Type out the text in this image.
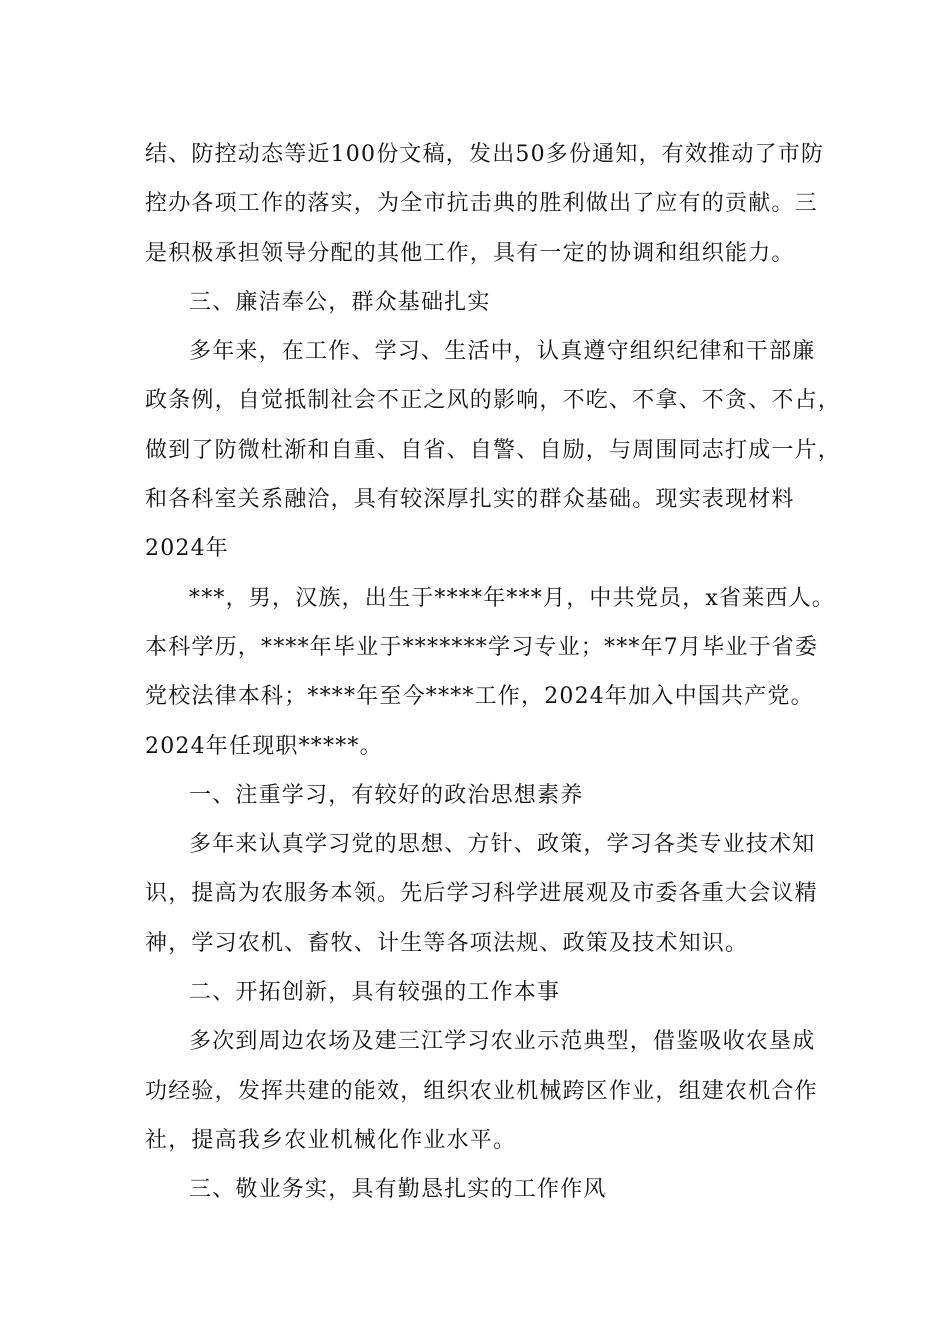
结、防控动态等近100份文稿，发出50多份通知，有效推动了市防
控办各项工作的落实，为全市抗击典的胜利做出了应有的贡献。三
是积极承担领导分配的其他工作，具有一定的协调和组织能力。
三、廉洁奉公，群众基础扎实
多年来，在工作、学习、生活中，认真遵守组织纪律和干部廉
政条例，自觉抵制社会不正之风的影响，不吃、不拿、不贪、不占，
做到了防微杜渐和自重、自省、自警、自励，与周围同志打成一片，
和各科室关系融洽，具有较深厚扎实的群众基础。现实表现材料
2024年
***，男，汉族，出生于****年***月，中共党员，x省莱西人。
本科学历，****年毕业于*******学习专业；***年7月毕业于省委
党校法律本科；****年至今****工作，2024年加入中国共产党。
2024年任现职*****。
一、注重学习，有较好的政治思想素养
多年来认真学习党的思想、方针、政策，学习各类专业技术知
识，提高为农服务本领。先后学习科学进展观及市委各重大会议精
神，学习农机、畜牧、计生等各项法规、政策及技术知识。
二、开拓创新，具有较强的工作本事
多次到周边农场及建三江学习农业示范典型，借鉴吸收农垦成
功经验，发挥共建的能效，组织农业机械跨区作业，组建农机合作
社，提高我乡农业机械化作业水平。
三、敬业务实，具有勤恳扎实的工作作风
